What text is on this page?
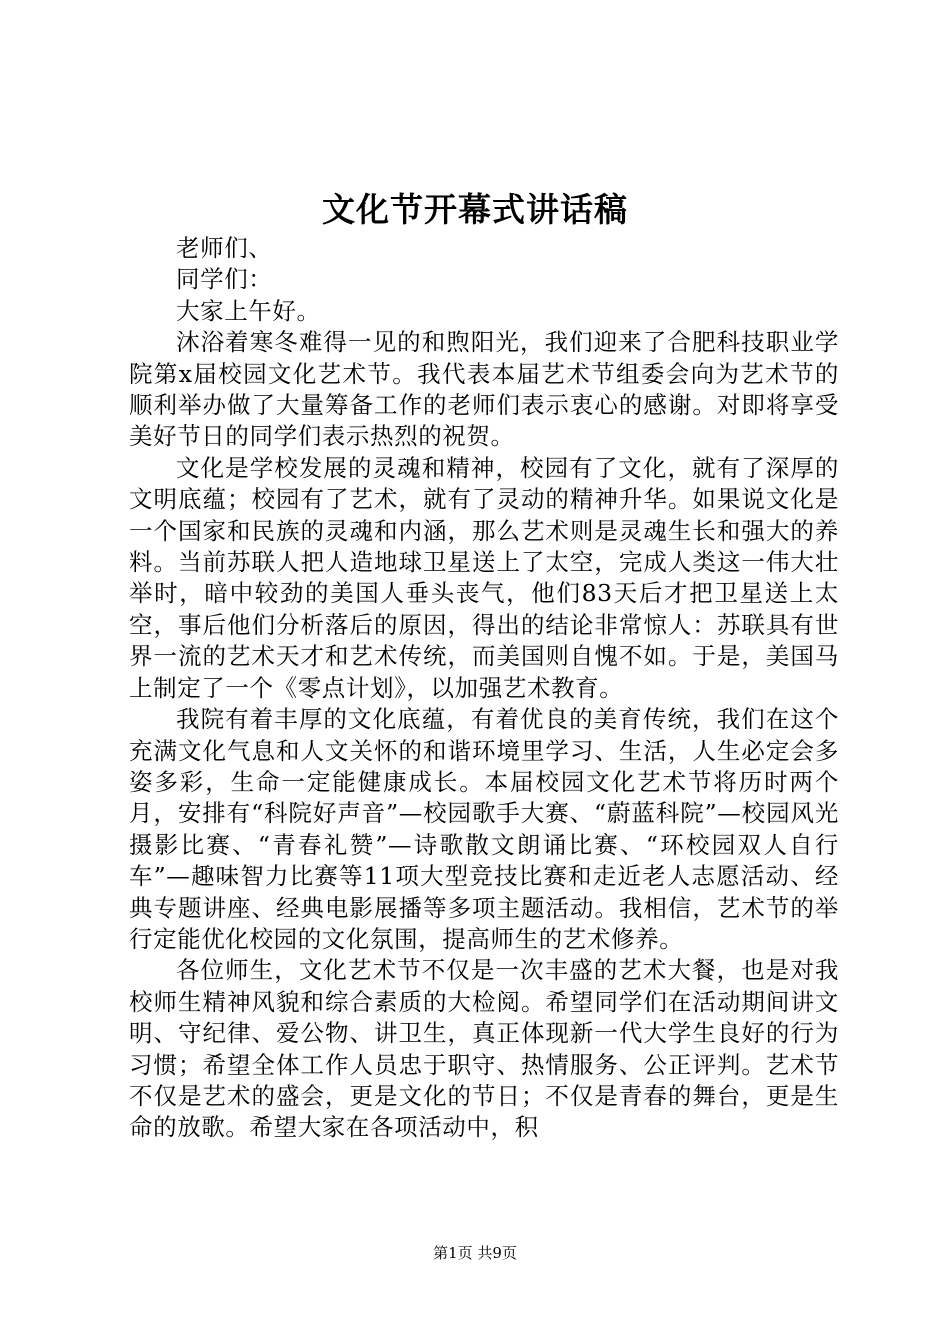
文化节开幕式讲话稿

老师们、

同学们：

大家上午好。

沐浴着寒冬难得一见的和煦阳光，我们迎来了合肥科技职业学院第x届校园文化艺术节。我代表本届艺术节组委会向为艺术节的顺利举办做了大量筹备工作的老师们表示衷心的感谢。对即将享受美好节日的同学们表示热烈的祝贺。

文化是学校发展的灵魂和精神，校园有了文化，就有了深厚的文明底蕴；校园有了艺术，就有了灵动的精神升华。如果说文化是一个国家和民族的灵魂和内涵，那么艺术则是灵魂生长和强大的养料。当前苏联人把人造地球卫星送上了太空，完成人类这一伟大壮举时，暗中较劲的美国人垂头丧气，他们83天后才把卫星送上太空，事后他们分析落后的原因，得出的结论非常惊人：苏联具有世界一流的艺术天才和艺术传统，而美国则自愧不如。于是，美国马上制定了一个《零点计划》，以加强艺术教育。

我院有着丰厚的文化底蕴，有着优良的美育传统，我们在这个充满文化气息和人文关怀的和谐环境里学习、生活，人生必定会多姿多彩，生命一定能健康成长。本届校园文化艺术节将历时两个月，安排有“科院好声音”—校园歌手大赛、“蔚蓝科院”—校园风光摄影比赛、“青春礼赞”—诗歌散文朗诵比赛、“环校园双人自行车”—趣味智力比赛等11项大型竞技比赛和走近老人志愿活动、经典专题讲座、经典电影展播等多项主题活动。我相信，艺术节的举行定能优化校园的文化氛围，提高师生的艺术修养。

各位师生，文化艺术节不仅是一次丰盛的艺术大餐，也是对我校师生精神风貌和综合素质的大检阅。希望同学们在活动期间讲文明、守纪律、爱公物、讲卫生，真正体现新一代大学生良好的行为习惯；希望全体工作人员忠于职守、热情服务、公正评判。艺术节不仅是艺术的盛会，更是文化的节日；不仅是青春的舞台，更是生命的放歌。希望大家在各项活动中，积

第1页 共9页
